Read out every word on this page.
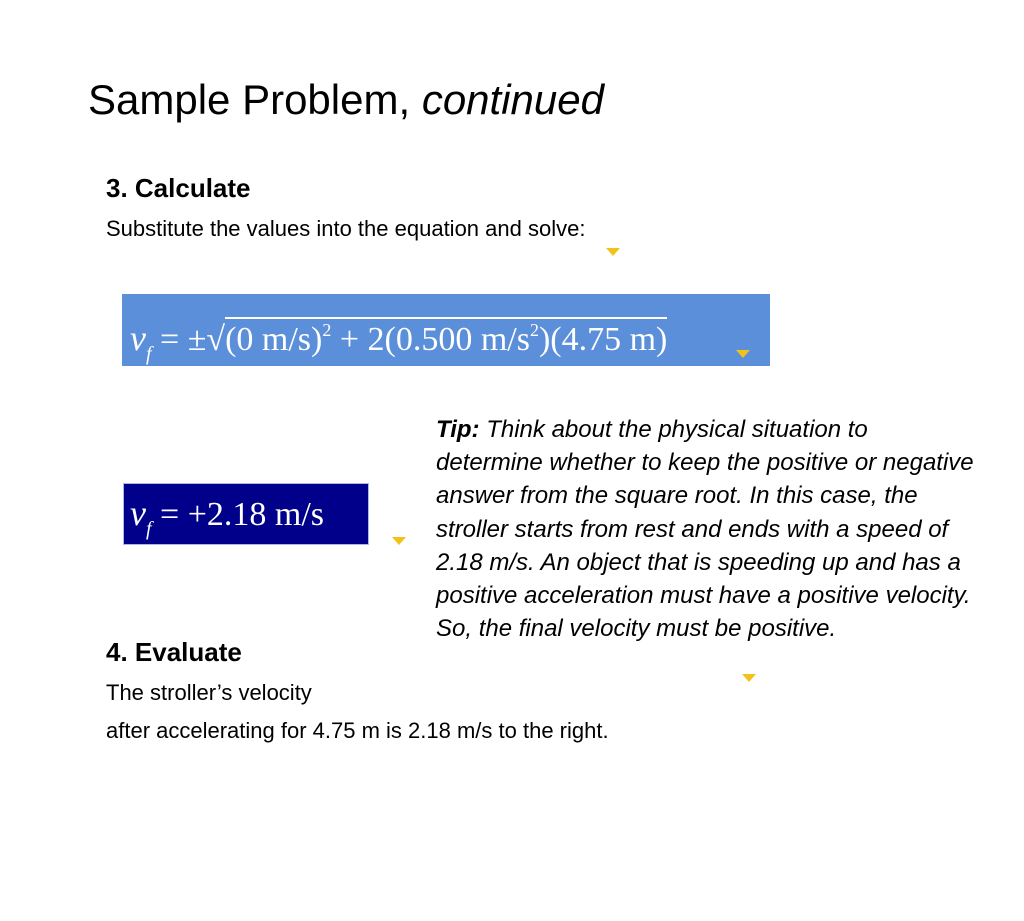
Sample Problem, continued
3. Calculate
Substitute the values into the equation and solve:
$v_f = \pm√(0$ m/s)$^2$ + 2(0.500 $m/s^2)(4.75$ m)
$v_f = +2.18$ m/s
Tip: Think about the physical situation to determine whether to keep the positive or negative answer from the square root. In this case, the stroller starts from rest and ends with a speed of 2.18 m/s. An object that is speeding up and has a positive acceleration must have a positive velocity. So, the final velocity must be positive.
4. Evaluate
The stroller’s velocity
after accelerating for 4.75 m is 2.18 m/s to the right.
